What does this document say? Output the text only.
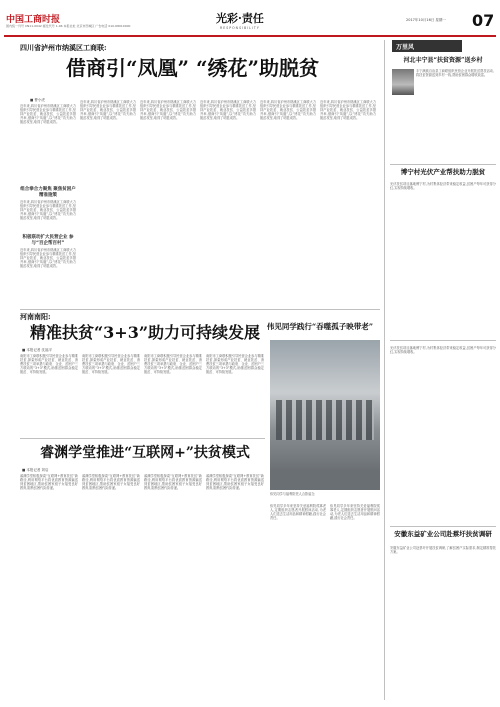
中国工商时报
国内统一刊号 CN11-0042 邮发代号 1-96 本报社址 北京市西城区 广告电话 010-68019000
光彩·责任
RESPONSIBILITY
2017年10月16日 星期一 07
四川省泸州市纳溪区工商联:
借商引“凤凰” “绣花”助脱贫
■ 曹小虎
近年来,四川省泸州市纳溪区工商联大力组织引导民营企业参与精准扶贫工作,坚持产业扶贫、就业扶贫、公益扶贫多措并举,借商引“凤凰”,以“绣花”功夫助力脱贫攻坚,取得了明显成效。
组合拳合力聚焦 聚焦贫困户精准施策
近年来,四川省泸州市纳溪区工商联大力组织引导民营企业参与精准扶贫工作,坚持产业扶贫、就业扶贫、公益扶贫多措并举,借商引“凤凰”,以“绣花”功夫助力脱贫攻坚,取得了明显成效。
积极联动扩大民营企业 参与“百企帮百村”
近年来,四川省泸州市纳溪区工商联大力组织引导民营企业参与精准扶贫工作,坚持产业扶贫、就业扶贫、公益扶贫多措并举,借商引“凤凰”,以“绣花”功夫助力脱贫攻坚,取得了明显成效。
近年来,四川省泸州市纳溪区工商联大力组织引导民营企业参与精准扶贫工作,坚持产业扶贫、就业扶贫、公益扶贫多措并举,借商引“凤凰”,以“绣花”功夫助力脱贫攻坚,取得了明显成效。
近年来,四川省泸州市纳溪区工商联大力组织引导民营企业参与精准扶贫工作,坚持产业扶贫、就业扶贫、公益扶贫多措并举,借商引“凤凰”,以“绣花”功夫助力脱贫攻坚,取得了明显成效。
近年来,四川省泸州市纳溪区工商联大力组织引导民营企业参与精准扶贫工作,坚持产业扶贫、就业扶贫、公益扶贫多措并举,借商引“凤凰”,以“绣花”功夫助力脱贫攻坚,取得了明显成效。
近年来,四川省泸州市纳溪区工商联大力组织引导民营企业参与精准扶贫工作,坚持产业扶贫、就业扶贫、公益扶贫多措并举,借商引“凤凰”,以“绣花”功夫助力脱贫攻坚,取得了明显成效。
近年来,四川省泸州市纳溪区工商联大力组织引导民营企业参与精准扶贫工作,坚持产业扶贫、就业扶贫、公益扶贫多措并举,借商引“凤凰”,以“绣花”功夫助力脱贫攻坚,取得了明显成效。
河南南阳:
精准扶贫“3+3”助力可持续发展
■ 本报记者 沈福平
南阳市工商联积极引导民营企业参与精准扶贫,探索形成产业扶贫、就业扶贫、消费扶贫三项举措与政府、企业、贫困户三方联动的“3+3”模式,助推贫困群众稳定脱贫、可持续发展。
南阳市工商联积极引导民营企业参与精准扶贫,探索形成产业扶贫、就业扶贫、消费扶贫三项举措与政府、企业、贫困户三方联动的“3+3”模式,助推贫困群众稳定脱贫、可持续发展。
南阳市工商联积极引导民营企业参与精准扶贫,探索形成产业扶贫、就业扶贫、消费扶贫三项举措与政府、企业、贫困户三方联动的“3+3”模式,助推贫困群众稳定脱贫、可持续发展。
南阳市工商联积极引导民营企业参与精准扶贫,探索形成产业扶贫、就业扶贫、消费扶贫三项举措与政府、企业、贫困户三方联动的“3+3”模式,助推贫困群众稳定脱贫、可持续发展。
伟见同学践行“吞噬孤子映带老”
伟见同学与福利院老人合影留念
睿渊学堂推进“互联网+”扶贫模式
■ 本报记者 刘启
睿渊学堂积极探索“互联网+教育扶贫”新路径,利用网络平台将优质教育资源输送到贫困地区,帮助贫困家庭子女接受良好教育,阻断贫困代际传递。
睿渊学堂积极探索“互联网+教育扶贫”新路径,利用网络平台将优质教育资源输送到贫困地区,帮助贫困家庭子女接受良好教育,阻断贫困代际传递。
睿渊学堂积极探索“互联网+教育扶贫”新路径,利用网络平台将优质教育资源输送到贫困地区,帮助贫困家庭子女接受良好教育,阻断贫困代际传递。
睿渊学堂积极探索“互联网+教育扶贫”新路径,利用网络平台将优质教育资源输送到贫困地区,帮助贫困家庭子女接受良好教育,阻断贫困代际传递。
伟见同学多年来坚持关爱福利院孤寡老人,定期组织志愿者开展慰问活动,为老人们送去生活用品和精神慰藉,践行社会责任。
伟见同学多年来坚持关爱福利院孤寡老人,定期组织志愿者开展慰问活动,为老人们送去生活用品和精神慰藉,践行社会责任。
万里风
河北丰宁县“扶贫资源”送乡村
丰宁满族自治县工商联组织民营企业开展扶贫帮扶活动,将扶贫资源送到乡村一线,帮助贫困群众增收致富。
博宁村光伏产业帮扶助力脱贫
光伏扶贫项目落地博宁村,为村集体经济带来稳定收益,贫困户每年可获得分红,实现持续增收。
光伏扶贫项目落地博宁村,为村集体经济带来稳定收益,贫困户每年可获得分红,实现持续增收。
安徽东益矿业公司赴蔡圩扶贫调研
安徽东益矿业公司赴蔡圩开展扶贫调研,了解贫困户实际需求,制定精准帮扶方案。
